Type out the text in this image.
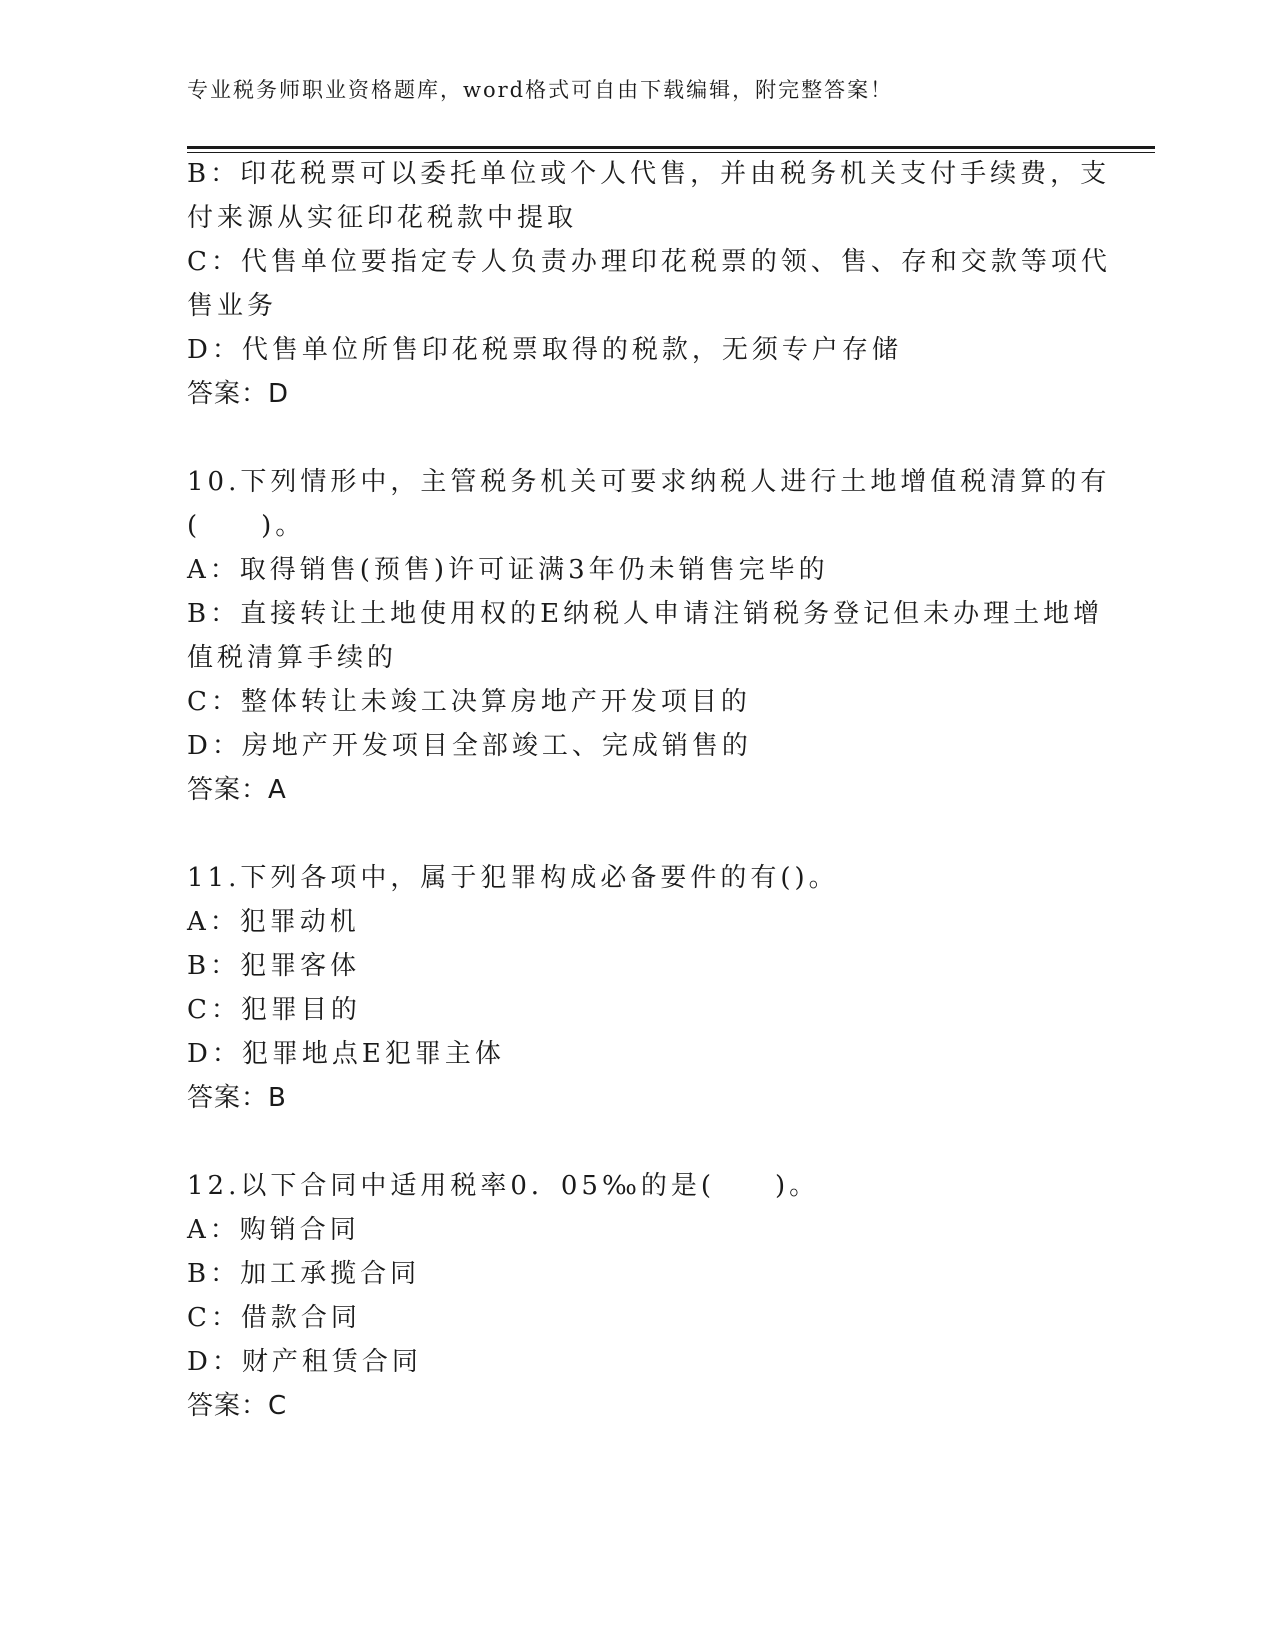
专业税务师职业资格题库，word格式可自由下载编辑，附完整答案！
B：印花税票可以委托单位或个人代售，并由税务机关支付手续费，支
付来源从实征印花税款中提取
C：代售单位要指定专人负责办理印花税票的领、售、存和交款等项代
售业务
D：代售单位所售印花税票取得的税款，无须专户存储
答案：D
10.下列情形中，主管税务机关可要求纳税人进行土地增值税清算的有
(　　)。
A：取得销售(预售)许可证满3年仍未销售完毕的
B：直接转让土地使用权的E纳税人申请注销税务登记但未办理土地增
值税清算手续的
C：整体转让未竣工决算房地产开发项目的
D：房地产开发项目全部竣工、完成销售的
答案：A
11.下列各项中，属于犯罪构成必备要件的有()。
A：犯罪动机
B：犯罪客体
C：犯罪目的
D：犯罪地点E犯罪主体
答案：B
12.以下合同中适用税率0．05‰的是(　　)。
A：购销合同
B：加工承揽合同
C：借款合同
D：财产租赁合同
答案：C
